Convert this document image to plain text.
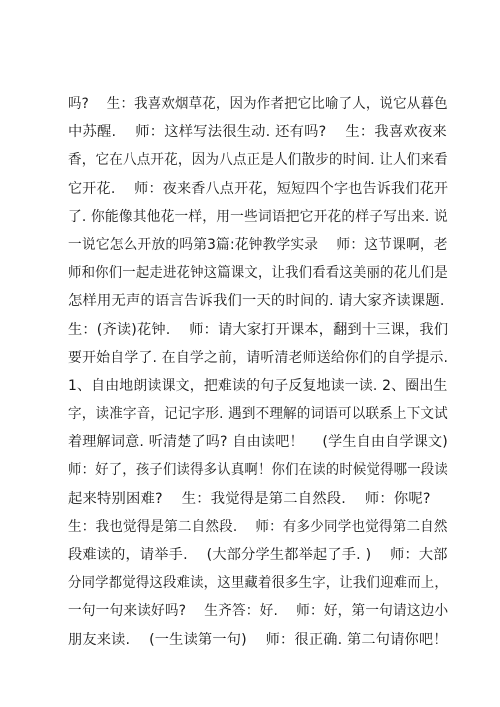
吗?    生：我喜欢烟草花，因为作者把它比喻了人，说它从暮色
中苏醒.    师：这样写法很生动. 还有吗?    生：我喜欢夜来
香，它在八点开花，因为八点正是人们散步的时间. 让人们来看
它开花.    师：夜来香八点开花，短短四个字也告诉我们花开
了. 你能像其他花一样，用一些词语把它开花的样子写出来. 说
一说它怎么开放的吗第3篇:花钟教学实录    师：这节课啊，老
师和你们一起走进花钟这篇课文，让我们看看这美丽的花儿们是
怎样用无声的语言告诉我们一天的时间的. 请大家齐读课题.
生：(齐读)花钟.    师：请大家打开课本，翻到十三课，我们
要开始自学了. 在自学之前，请听清老师送给你们的自学提示.
1、自由地朗读课文，把难读的句子反复地读一读. 2、圈出生
字，读准字音，记记字形. 遇到不理解的词语可以联系上下文试
着理解词意. 听清楚了吗? 自由读吧！    (学生自由自学课文)
师：好了，孩子们读得多认真啊！你们在读的时候觉得哪一段读
起来特别困难?    生：我觉得是第二自然段.    师：你呢?
生：我也觉得是第二自然段.    师：有多少同学也觉得第二自然
段难读的，请举手.    (大部分学生都举起了手. )    师：大部
分同学都觉得这段难读，这里藏着很多生字，让我们迎难而上，
一句一句来读好吗?    生齐答：好.    师：好，第一句请这边小
朋友来读.    (一生读第一句)    师：很正确. 第二句请你吧！
